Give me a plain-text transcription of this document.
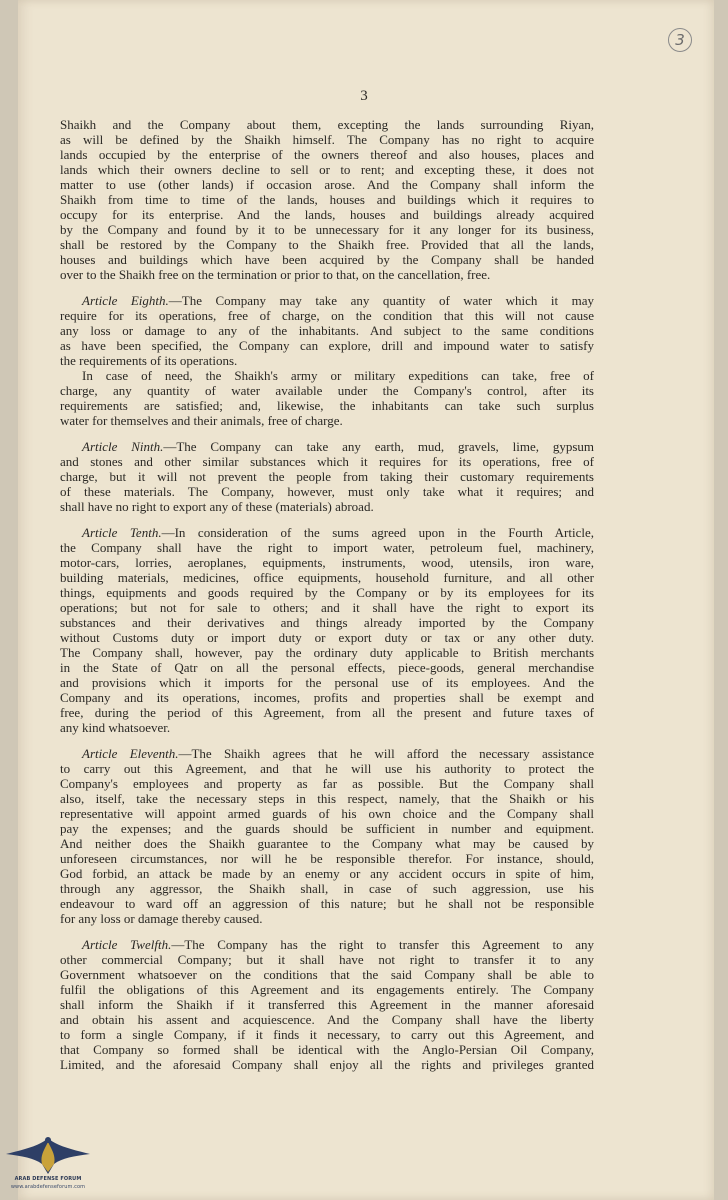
3
3
Shaikh and the Company about them, excepting the lands surrounding Riyan,
as will be defined by the Shaikh himself. The Company has no right to acquire
lands occupied by the enterprise of the owners thereof and also houses, places and
lands which their owners decline to sell or to rent; and excepting these, it does not
matter to use (other lands) if occasion arose. And the Company shall inform the
Shaikh from time to time of the lands, houses and buildings which it requires to
occupy for its enterprise. And the lands, houses and buildings already acquired
by the Company and found by it to be unnecessary for it any longer for its business,
shall be restored by the Company to the Shaikh free. Provided that all the lands,
houses and buildings which have been acquired by the Company shall be handed
over to the Shaikh free on the termination or prior to that, on the cancellation, free.
Article Eighth.—The Company may take any quantity of water which it may
require for its operations, free of charge, on the condition that this will not cause
any loss or damage to any of the inhabitants. And subject to the same conditions
as have been specified, the Company can explore, drill and impound water to satisfy
the requirements of its operations.
In case of need, the Shaikh's army or military expeditions can take, free of
charge, any quantity of water available under the Company's control, after its
requirements are satisfied; and, likewise, the inhabitants can take such surplus
water for themselves and their animals, free of charge.
Article Ninth.—The Company can take any earth, mud, gravels, lime, gypsum
and stones and other similar substances which it requires for its operations, free of
charge, but it will not prevent the people from taking their customary requirements
of these materials. The Company, however, must only take what it requires; and
shall have no right to export any of these (materials) abroad.
Article Tenth.—In consideration of the sums agreed upon in the Fourth Article,
the Company shall have the right to import water, petroleum fuel, machinery,
motor-cars, lorries, aeroplanes, equipments, instruments, wood, utensils, iron ware,
building materials, medicines, office equipments, household furniture, and all other
things, equipments and goods required by the Company or by its employees for its
operations; but not for sale to others; and it shall have the right to export its
substances and their derivatives and things already imported by the Company
without Customs duty or import duty or export duty or tax or any other duty.
The Company shall, however, pay the ordinary duty applicable to British merchants
in the State of Qatr on all the personal effects, piece-goods, general merchandise
and provisions which it imports for the personal use of its employees. And the
Company and its operations, incomes, profits and properties shall be exempt and
free, during the period of this Agreement, from all the present and future taxes of
any kind whatsoever.
Article Eleventh.—The Shaikh agrees that he will afford the necessary assistance
to carry out this Agreement, and that he will use his authority to protect the
Company's employees and property as far as possible. But the Company shall
also, itself, take the necessary steps in this respect, namely, that the Shaikh or his
representative will appoint armed guards of his own choice and the Company shall
pay the expenses; and the guards should be sufficient in number and equipment.
And neither does the Shaikh guarantee to the Company what may be caused by
unforeseen circumstances, nor will he be responsible therefor. For instance, should,
God forbid, an attack be made by an enemy or any accident occurs in spite of him,
through any aggressor, the Shaikh shall, in case of such aggression, use his
endeavour to ward off an aggression of this nature; but he shall not be responsible
for any loss or damage thereby caused.
Article Twelfth.—The Company has the right to transfer this Agreement to any
other commercial Company; but it shall have not right to transfer it to any
Government whatsoever on the conditions that the said Company shall be able to
fulfil the obligations of this Agreement and its engagements entirely. The Company
shall inform the Shaikh if it transferred this Agreement in the manner aforesaid
and obtain his assent and acquiescence. And the Company shall have the liberty
to form a single Company, if it finds it necessary, to carry out this Agreement, and
that Company so formed shall be identical with the Anglo-Persian Oil Company,
Limited, and the aforesaid Company shall enjoy all the rights and privileges granted
ARAB DEFENSE FORUM
www.arabdefenseforum.com
